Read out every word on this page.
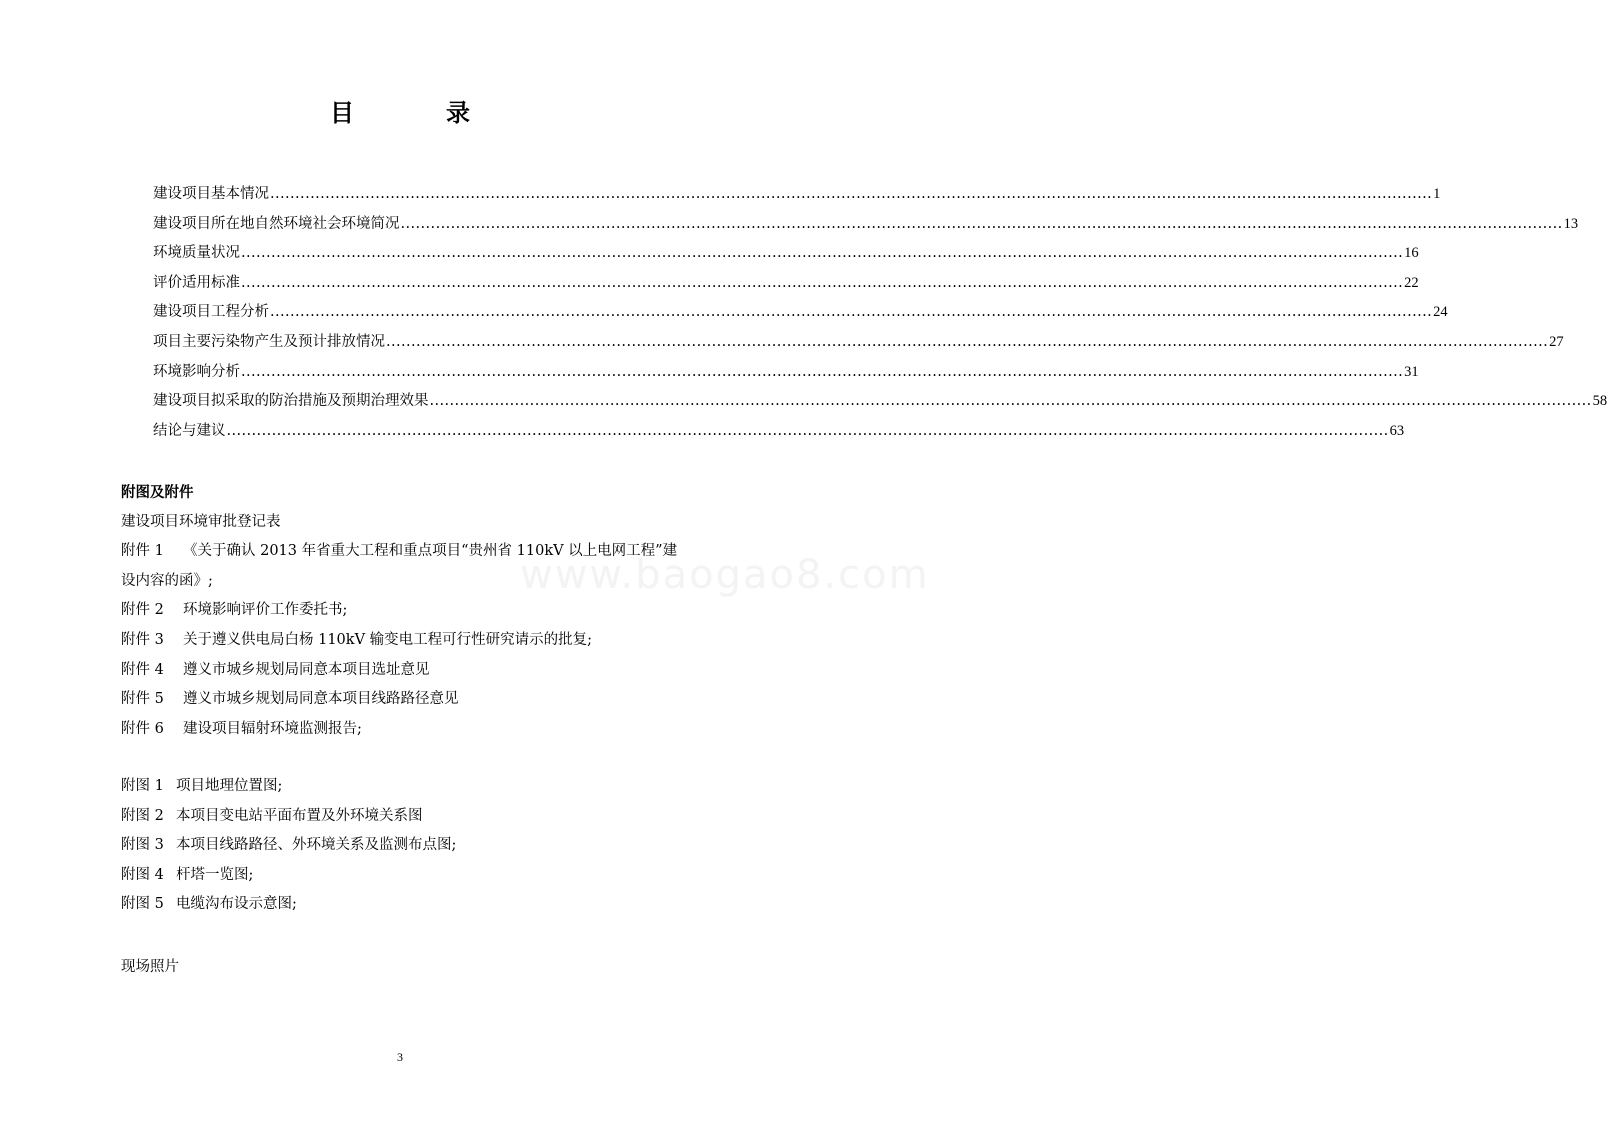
目　录
建设项目基本情况 .....	1
建设项目所在地自然环境社会环境简况 .....	13
环境质量状况 .....	16
评价适用标准 .....	22
建设项目工程分析 .....	24
项目主要污染物产生及预计排放情况 .....	27
环境影响分析 .....	31
建设项目拟采取的防治措施及预期治理效果 .....	58
结论与建议 .....	63
附图及附件
建设项目环境审批登记表
附件 1 《关于确认 2013 年省重大工程和重点项目“贵州省 110kV 以上电网工程”建设内容的函》;
附件 2	环境影响评价工作委托书;
附件 3	关于遵义供电局白杨 110kV 输变电工程可行性研究请示的批复;
附件 4	遵义市城乡规划局同意本项目选址意见
附件 5	遵义市城乡规划局同意本项目线路路径意见
附件 6	建设项目辐射环境监测报告;
附图 1 项目地理位置图;
附图 2 本项目变电站平面布置及外环境关系图
附图 3 本项目线路路径、外环境关系及监测布点图;
附图 4 杆塔一览图;
附图 5 电缆沟布设示意图;
现场照片
www.baogao8.com
3
